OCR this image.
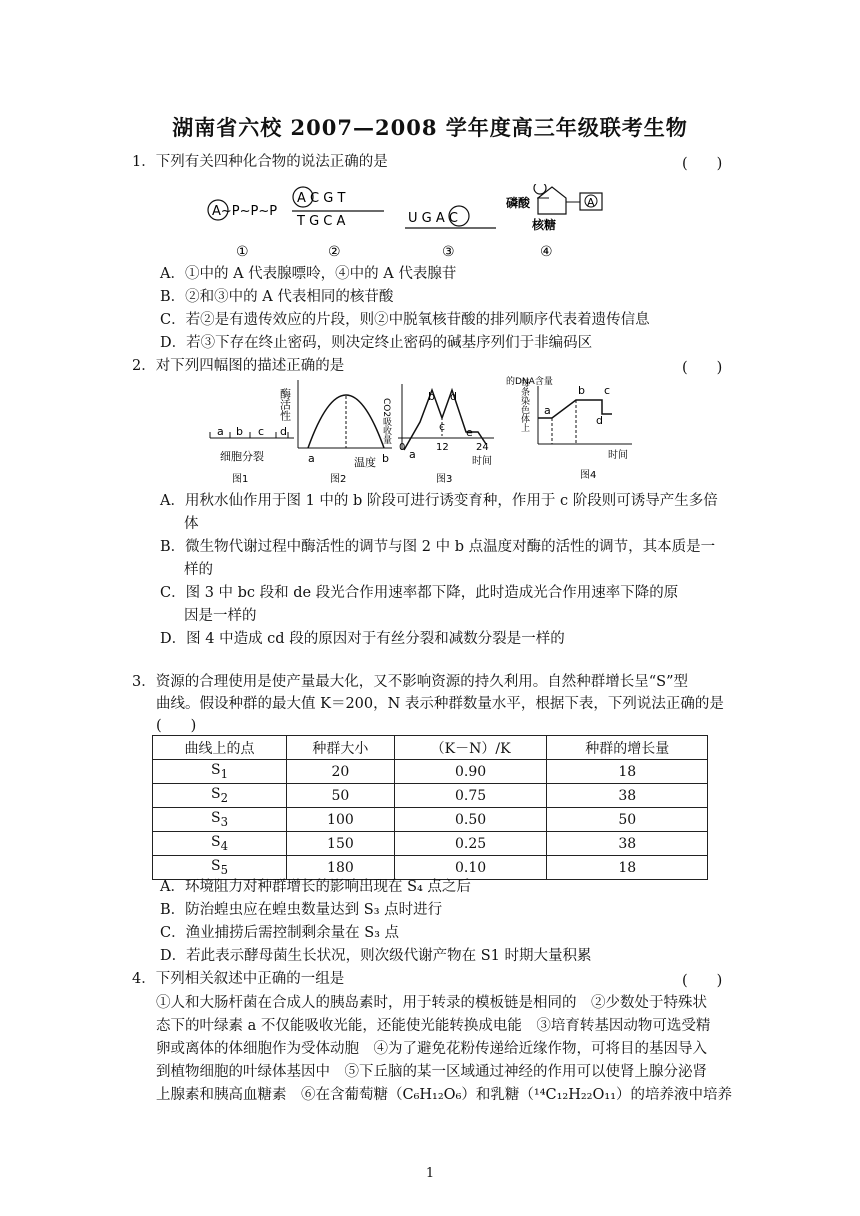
湖南省六校 2007—2008 学年度高三年级联考生物
1．下列有关四种化合物的说法正确的是	(　　)
A~P~P~P
A C G T
T G C A	U G A C
磷酸	A
核糖
①	②	③	④
A．①中的 A 代表腺嘌呤，④中的 A 代表腺苷
B．②和③中的 A 代表相同的核苷酸
C．若②是有遗传效应的片段，则②中脱氧核苷酸的排列顺序代表着遗传信息
D．若③下存在终止密码，则决定终止密码的碱基序列们于非编码区
2．对下列四幅图的描述正确的是	(　　)
a b c d
细胞分裂
图1
酶活性
a	b
温度
图2
CO2吸收量
a
b
c
d
e
0	12	24
时间
图3
的DNA含量
每条染色体上 a
b c
d
时间
图4
A．用秋水仙作用于图 1 中的 b 阶段可进行诱变育种，作用于 c 阶段则可诱导产生多倍
体
B．微生物代谢过程中酶活性的调节与图 2 中 b 点温度对酶的活性的调节，其本质是一
样的
C．图 3 中 bc 段和 de 段光合作用速率都下降，此时造成光合作用速率下降的原
因是一样的
D．图 4 中造成 cd 段的原因对于有丝分裂和减数分裂是一样的
3．资源的合理使用是使产量最大化，又不影响资源的持久利用。自然种群增长呈“S”型
曲线。假设种群的最大值 K＝200，N 表示种群数量水平，根据下表，下列说法正确的是
(　　)
曲线上的点	种群大小	（K－N）/K	种群的增长量
$S_1$	20	0.90	18
$S_2$	50	0.75	38
$S_3$	100	0.50	50
$S_4$	150	0.25	38
$S_5$	180	0.10	18
A．环境阻力对种群增长的影响出现在 S₄ 点之后
B．防治蝗虫应在蝗虫数量达到 S₃ 点时进行
C．渔业捕捞后需控制剩余量在 S₃ 点
D．若此表示酵母菌生长状况，则次级代谢产物在 S1 时期大量积累
4．下列相关叙述中正确的一组是	(　　)
①人和大肠杆菌在合成人的胰岛素时，用于转录的模板链是相同的　②少数处于特殊状
态下的叶绿素 a 不仅能吸收光能，还能使光能转换成电能　③培育转基因动物可选受精
卵或离体的体细胞作为受体动胞　④为了避免花粉传递给近缘作物，可将目的基因导入
到植物细胞的叶绿体基因中　⑤下丘脑的某一区域通过神经的作用可以使肾上腺分泌肾
上腺素和胰高血糖素　⑥在含葡萄糖（C₆H₁₂O₆）和乳糖（¹⁴C₁₂H₂₂O₁₁）的培养液中培养
1
